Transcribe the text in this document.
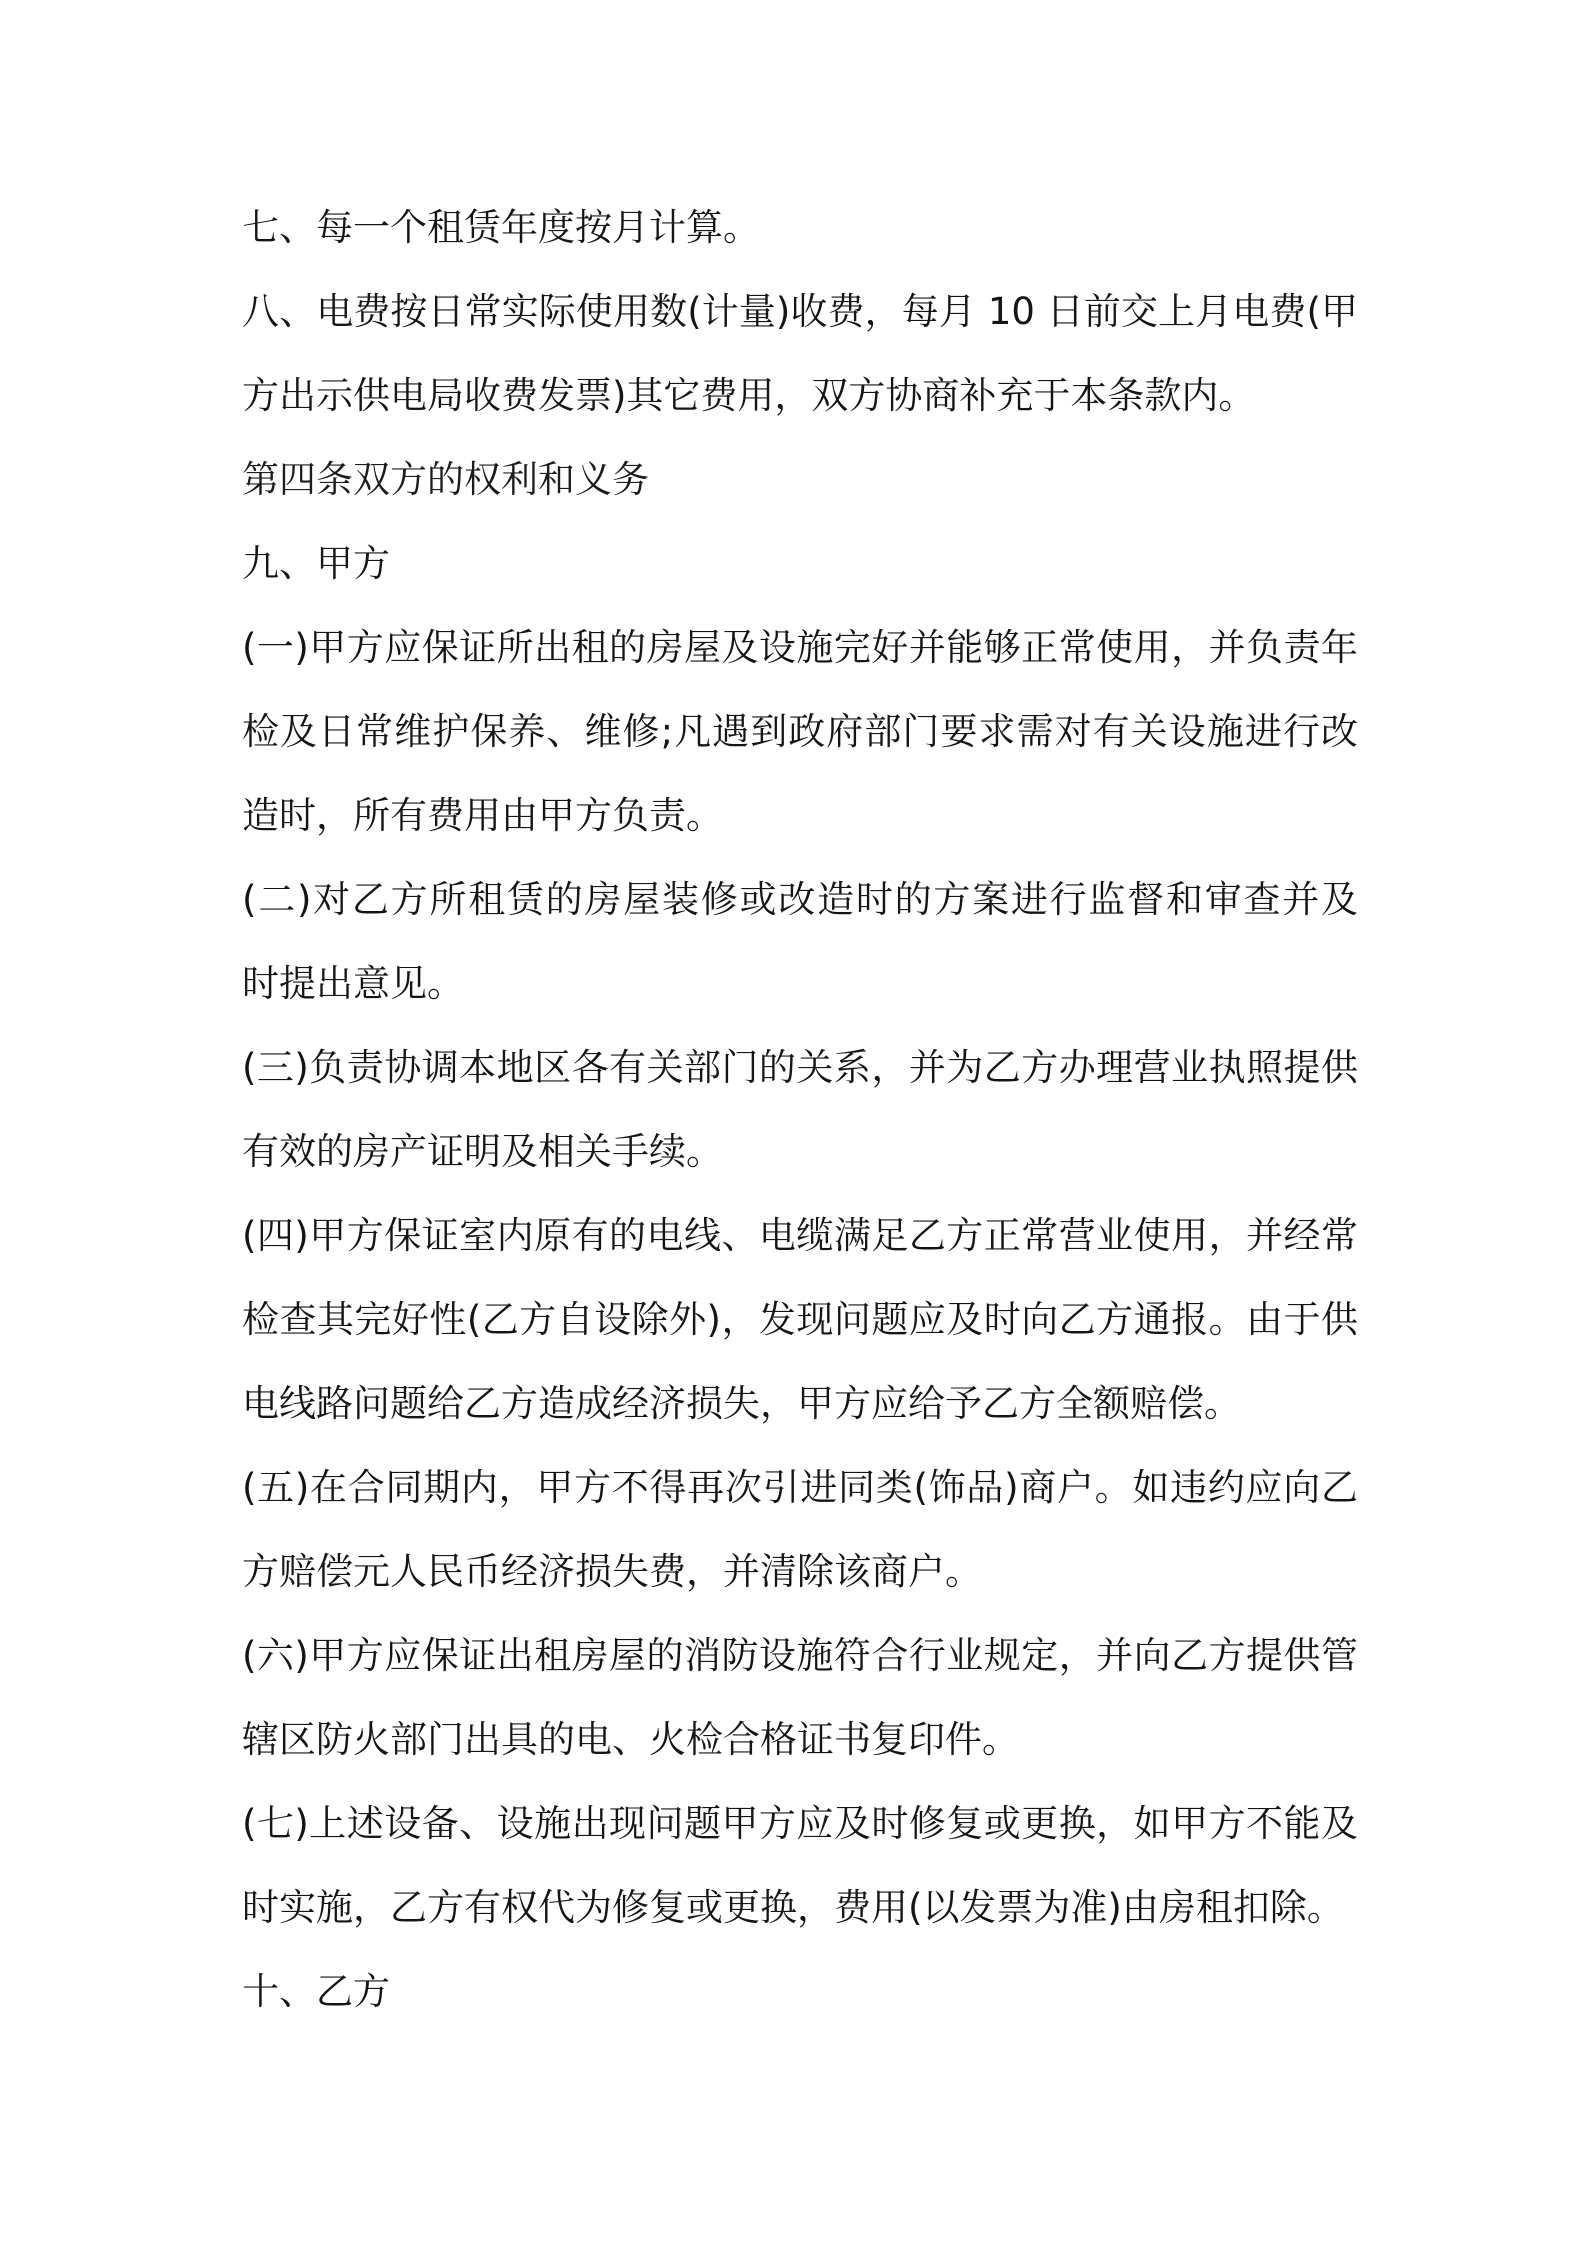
七、每一个租赁年度按月计算。
八、电费按日常实际使用数(计量)收费，每月 10 日前交上月电费(甲
方出示供电局收费发票)其它费用，双方协商补充于本条款内。
第四条双方的权利和义务
九、甲方
(一)甲方应保证所出租的房屋及设施完好并能够正常使用，并负责年
检及日常维护保养、维修;凡遇到政府部门要求需对有关设施进行改
造时，所有费用由甲方负责。
(二)对乙方所租赁的房屋装修或改造时的方案进行监督和审查并及
时提出意见。
(三)负责协调本地区各有关部门的关系，并为乙方办理营业执照提供
有效的房产证明及相关手续。
(四)甲方保证室内原有的电线、电缆满足乙方正常营业使用，并经常
检查其完好性(乙方自设除外)，发现问题应及时向乙方通报。由于供
电线路问题给乙方造成经济损失，甲方应给予乙方全额赔偿。
(五)在合同期内，甲方不得再次引进同类(饰品)商户。如违约应向乙
方赔偿元人民币经济损失费，并清除该商户。
(六)甲方应保证出租房屋的消防设施符合行业规定，并向乙方提供管
辖区防火部门出具的电、火检合格证书复印件。
(七)上述设备、设施出现问题甲方应及时修复或更换，如甲方不能及
时实施，乙方有权代为修复或更换，费用(以发票为准)由房租扣除。
十、乙方
